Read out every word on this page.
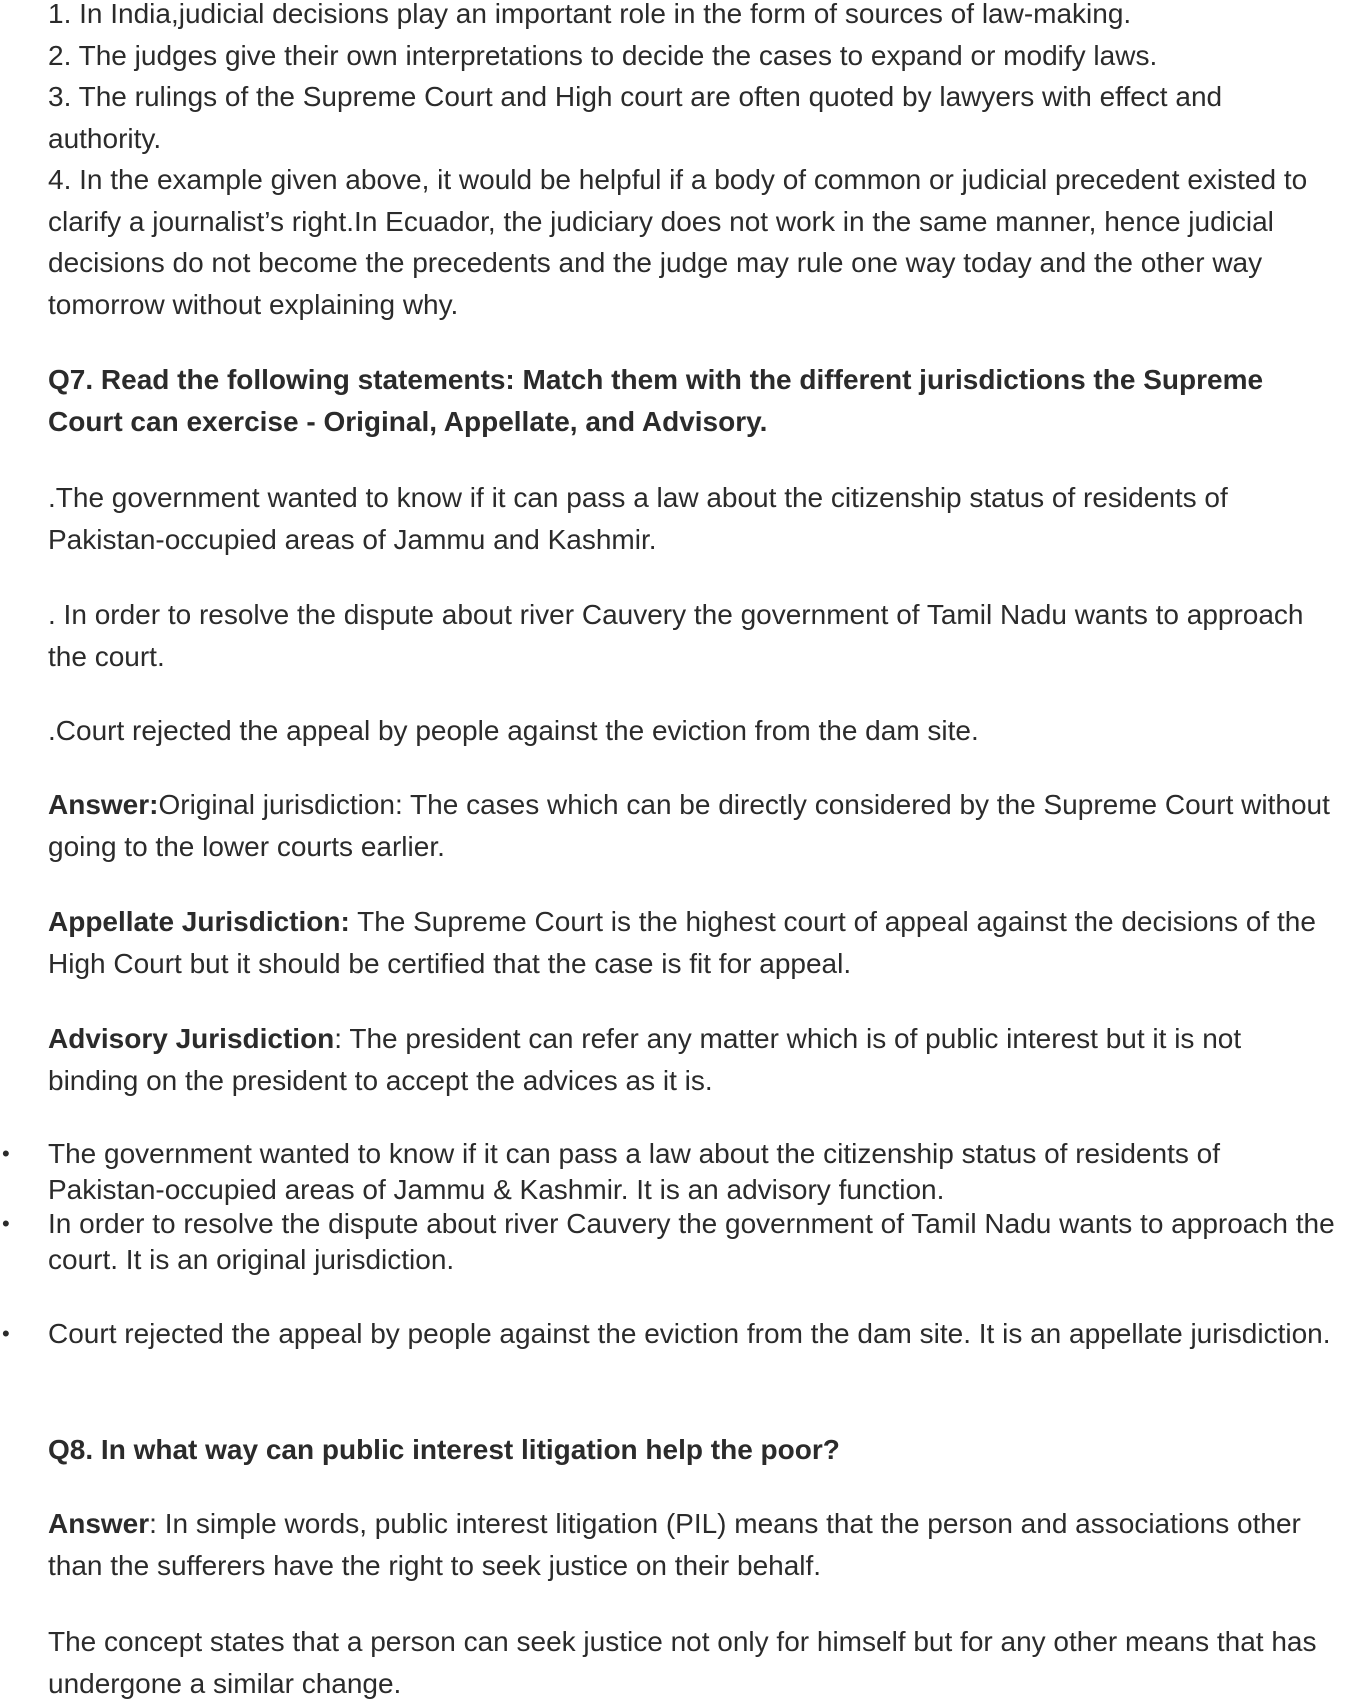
1. In India,judicial decisions play an important role in the form of sources of law-making.
2. The judges give their own interpretations to decide the cases to expand or modify laws.
3. The rulings of the Supreme Court and High court are often quoted by lawyers with effect and authority.
4. In the example given above, it would be helpful if a body of common or judicial precedent existed to clarify a journalist’s right.In Ecuador, the judiciary does not work in the same manner, hence judicial decisions do not become the precedents and the judge may rule one way today and the other way tomorrow without explaining why.
Q7. Read the following statements: Match them with the different jurisdictions the Supreme Court can exercise - Original, Appellate, and Advisory.
.The government wanted to know if it can pass a law about the citizenship status of residents of Pakistan-occupied areas of Jammu and Kashmir.
. In order to resolve the dispute about river Cauvery the government of Tamil Nadu wants to approach the court.
.Court rejected the appeal by people against the eviction from the dam site.
Answer:Original jurisdiction: The cases which can be directly considered by the Supreme Court without going to the lower courts earlier.
Appellate Jurisdiction: The Supreme Court is the highest court of appeal against the decisions of the High Court but it should be certified that the case is fit for appeal.
Advisory Jurisdiction: The president can refer any matter which is of public interest but it is not binding on the president to accept the advices as it is.
•	The government wanted to know if it can pass a law about the citizenship status of residents of Pakistan-occupied areas of Jammu & Kashmir. It is an advisory function.
•	In order to resolve the dispute about river Cauvery the government of Tamil Nadu wants to approach the court. It is an original jurisdiction.
•	Court rejected the appeal by people against the eviction from the dam site. It is an appellate jurisdiction.
Q8. In what way can public interest litigation help the poor?
Answer: In simple words, public interest litigation (PIL) means that the person and associations other than the sufferers have the right to seek justice on their behalf.
The concept states that a person can seek justice not only for himself but for any other means that has undergone a similar change.
